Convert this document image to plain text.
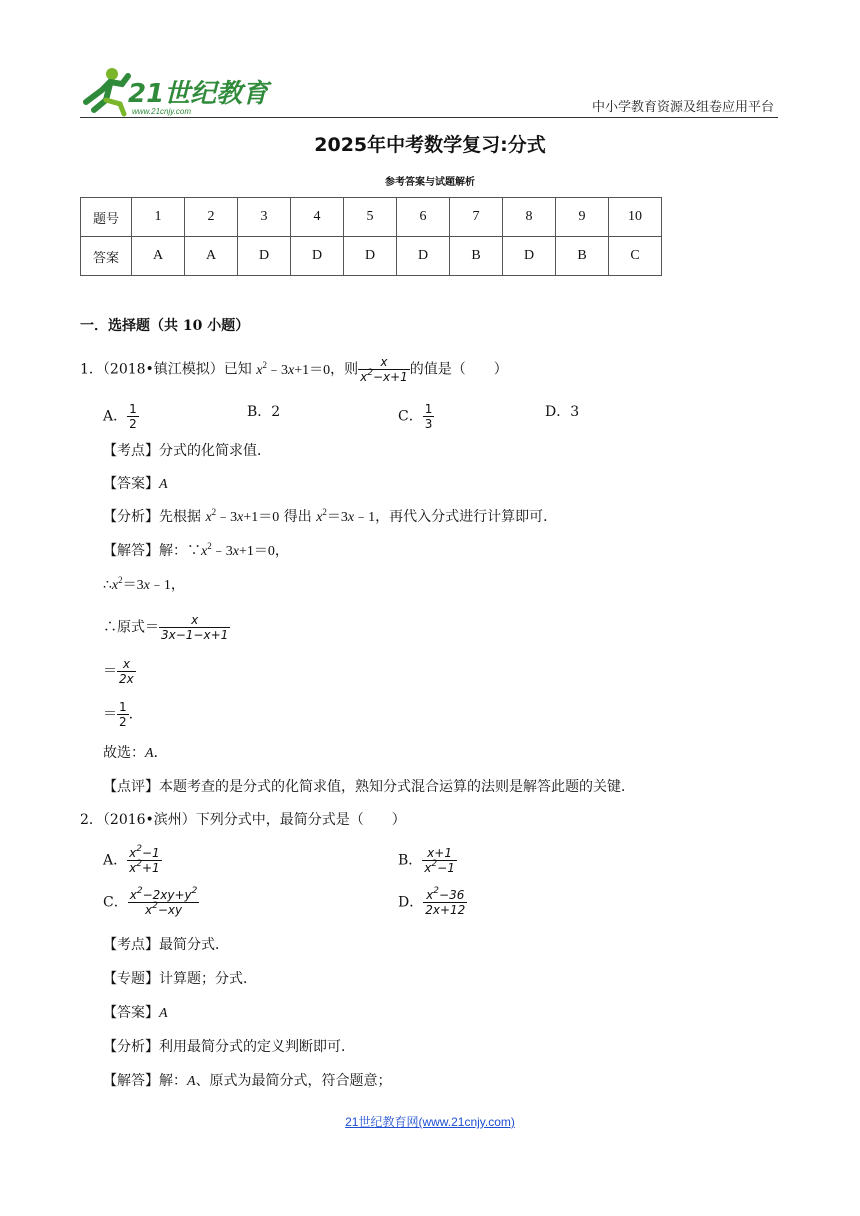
21世纪教育
www.21cnjy.com	中小学教育资源及组卷应用平台
2025年中考数学复习:分式
参考答案与试题解析
题号	1	2	3	4	5	6	7	8	9	10
答案	A	A	D	D	D	D	B	D	B	C
一．选择题（共 10 小题）
1．（2018•镇江模拟）已知 $x^2﹣3x+1=0$，则 $\frac{x}{x^2-x+1}$ 的值是（　　）
A． $\frac{1}{2}$	B．2	C． $\frac{1}{3}$	D．3
【考点】分式的化简求值．
【答案】A
【分析】先根据 $x^2﹣3x+1=0$ 得出 $x^2=3x﹣1$，再代入分式进行计算即可．
【解答】解：$\because x^2﹣3x+1=0$，
$\therefore x^2=3x﹣1$，
∴原式＝ $\frac{x}{3x-1-x+1}$
＝ $\frac{x}{2x}$
＝ $\frac{1}{2}$ .
故选：A．
【点评】本题考查的是分式的化简求值，熟知分式混合运算的法则是解答此题的关键．
2．（2016•滨州）下列分式中，最简分式是（　　）
A． $\frac{x^2-1}{x^2+1}$	B． $\frac{x+1}{x^2-1}$
C． $\frac{x^2-2xy+y^2}{x^2-xy}$	D． $\frac{x^2-36}{2x+12}$
【考点】最简分式．
【专题】计算题；分式．
【答案】A
【分析】利用最简分式的定义判断即可．
【解答】解：A、原式为最简分式，符合题意；
21世纪教育网(www.21cnjy.com)
